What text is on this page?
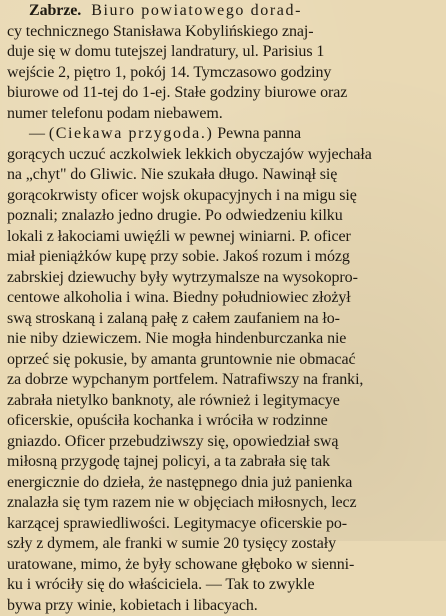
Zabrze. Biuro powiatowego dorad-
cy technicznego Stanisława Kobylińskiego znaj-
duje się w domu tutejszej landratury, ul. Parisius 1
wejście 2, piętro 1, pokój 14. Tymczasowo godziny
biurowe od 11-tej do 1-ej. Stałe godziny biurowe oraz
numer telefonu podam niebawem.
— (Ciekawa przygoda.) Pewna panna
gorących uczuć aczkolwiek lekkich obyczajów wyjechała
na „chyt" do Gliwic. Nie szukała długo. Nawinął się
gorącokrwisty oficer wojsk okupacyjnych i na migu się
poznali; znalazło jedno drugie. Po odwiedzeniu kilku
lokali z łakociami uwięźli w pewnej winiarni. P. oficer
miał pieniążków kupę przy sobie. Jakoś rozum i mózg
zabrskiej dziewuchy były wytrzymalsze na wysokopro-
centowe alkoholia i wina. Biedny południowiec złożył
swą stroskaną i zalaną pałę z całem zaufaniem na ło-
nie niby dziewiczem. Nie mogła hindenburczanka nie
oprzeć się pokusie, by amanta gruntownie nie obmacać
za dobrze wypchanym portfelem. Natrafiwszy na franki,
zabrała nietylko banknoty, ale również i legitymacye
oficerskie, opuściła kochanka i wróciła w rodzinne
gniazdo. Oficer przebudziwszy się, opowiedział swą
miłosną przygodę tajnej policyi, a ta zabrała się tak
energicznie do dzieła, że następnego dnia już panienka
znalazła się tym razem nie w objęciach miłosnych, lecz
karzącej sprawiedliwości. Legitymacye oficerskie po-
szły z dymem, ale franki w sumie 20 tysięcy zostały
uratowane, mimo, że były schowane głęboko w sienni-
ku i wróciły się do właściciela. — Tak to zwykle
bywa przy winie, kobietach i libacyach.
